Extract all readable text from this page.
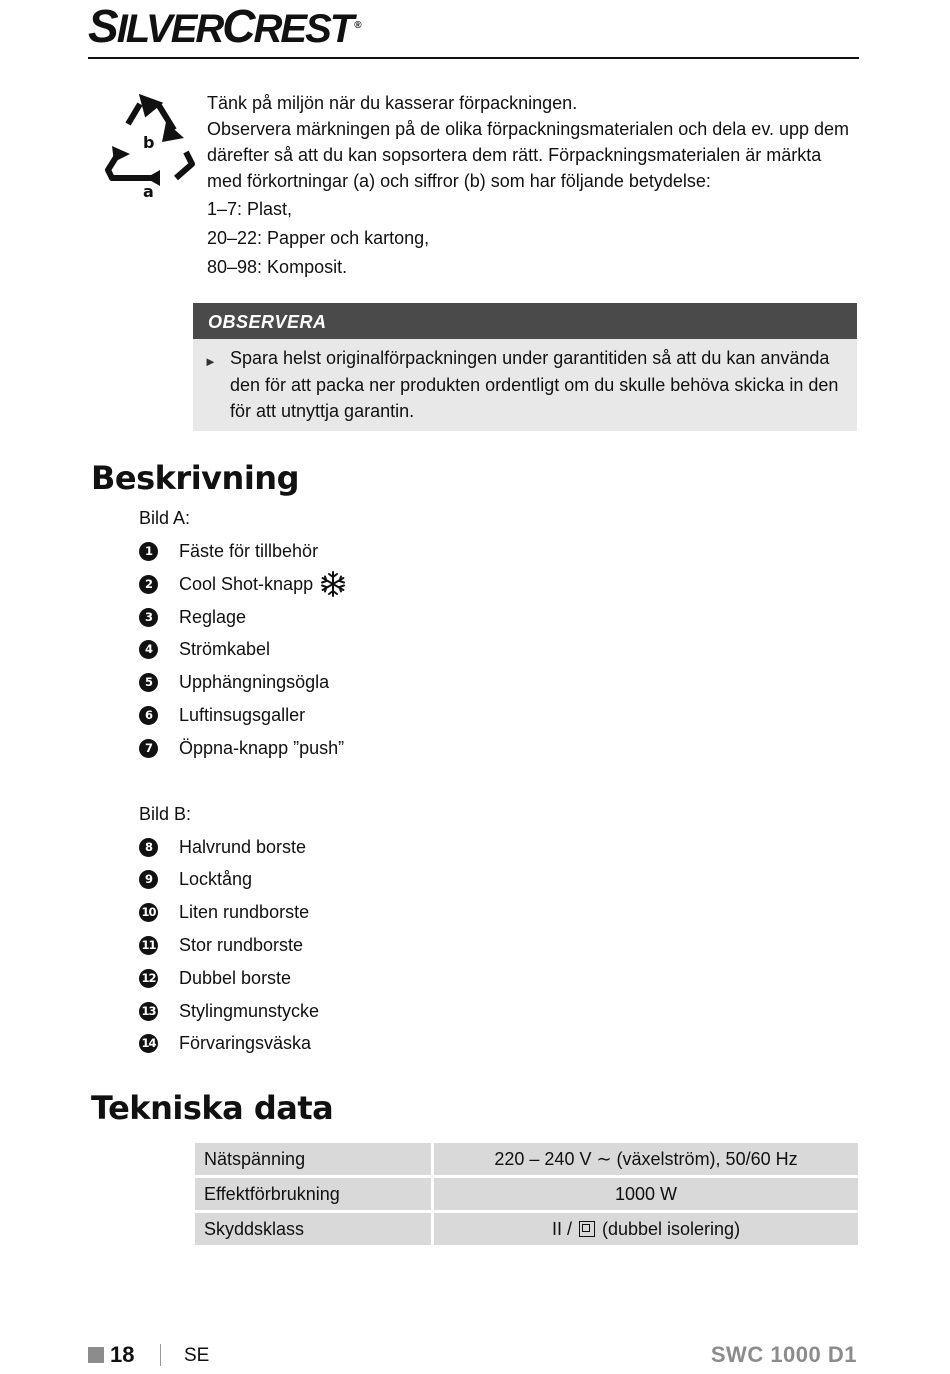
SILVERCREST ®
b
a

Tänk på miljön när du kasserar förpackningen.

Observera märkningen på de olika förpackningsmaterialen och dela ev. upp dem därefter så att du kan sopsortera dem rätt. Förpackningsmaterialen är märkta med förkortningar (a) och siffror (b) som har följande betydelse:

1–7: Plast,

20–22: Papper och kartong,

80–98: Komposit.

OBSERVERA
► Spara helst originalförpackningen under garantitiden så att du kan använda den för att packa ner produkten ordentligt om du skulle behöva skicka in den för att utnyttja garantin.
Beskrivning
Bild A:
1	Fäste för tillbehör
2	Cool Shot-knapp
3	Reglage
4	Strömkabel
5	Upphängningsögla
6	Luftinsugsgaller
7	Öppna-knapp ”push”
Bild B:
8	Halvrund borste
9	Locktång
10 Liten rundborste
11 Stor rundborste
12 Dubbel borste
13 Stylingmunstycke
14 Förvaringsväska
Tekniska data
Nätspänning	220 – 240 V ∼ (växelström), 50/60 Hz
Effektförbrukning	1000 W
Skyddsklass	II / (dubbel isolering)
18	SE	SWC 1000 D1
